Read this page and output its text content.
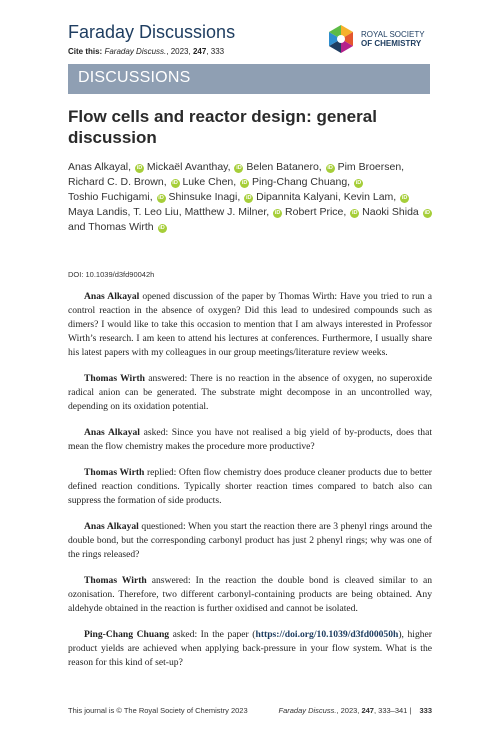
Faraday Discussions
Cite this: Faraday Discuss., 2023, 247, 333
ROYAL SOCIETY
OF CHEMISTRY
DISCUSSIONS
Flow cells and reactor design: general discussion
Anas Alkayal, iD Mickaël Avanthay, iD Belen Batanero, iD Pim Broersen, Richard C. D. Brown, iD Luke Chen, iD Ping-Chang Chuang, iD Toshio Fuchigami, iD Shinsuke Inagi, iD Dipannita Kalyani, Kevin Lam, iD Maya Landis, T. Leo Liu, Matthew J. Milner, iD Robert Price, iD Naoki Shida iD and Thomas Wirth iD
DOI: 10.1039/d3fd90042h

Anas Alkayal opened discussion of the paper by Thomas Wirth: Have you tried to run a control reaction in the absence of oxygen? Did this lead to undesired compounds such as dimers? I would like to take this occasion to mention that I am always interested in Professor Wirth’s research. I am keen to attend his lectures at conferences. Furthermore, I usually share his latest papers with my colleagues in our group meetings/literature review weeks.

Thomas Wirth answered: There is no reaction in the absence of oxygen, no superoxide radical anion can be generated. The substrate might decompose in an uncontrolled way, depending on its oxidation potential.

Anas Alkayal asked: Since you have not realised a big yield of by-products, does that mean the flow chemistry makes the procedure more productive?

Thomas Wirth replied: Often flow chemistry does produce cleaner products due to better defined reaction conditions. Typically shorter reaction times compared to batch also can suppress the formation of side products.

Anas Alkayal questioned: When you start the reaction there are 3 phenyl rings around the double bond, but the corresponding carbonyl product has just 2 phenyl rings; why was one of the rings released?

Thomas Wirth answered: In the reaction the double bond is cleaved similar to an ozonisation. Therefore, two different carbonyl-containing products are being obtained. Any aldehyde obtained in the reaction is further oxidised and cannot be isolated.

Ping-Chang Chuang asked: In the paper (https://doi.org/10.1039/d3fd00050h), higher product yields are achieved when applying back-pressure in your flow system. What is the reason for this kind of set-up?

This journal is © The Royal Society of Chemistry 2023	Faraday Discuss., 2023, 247, 333–341 | 333
